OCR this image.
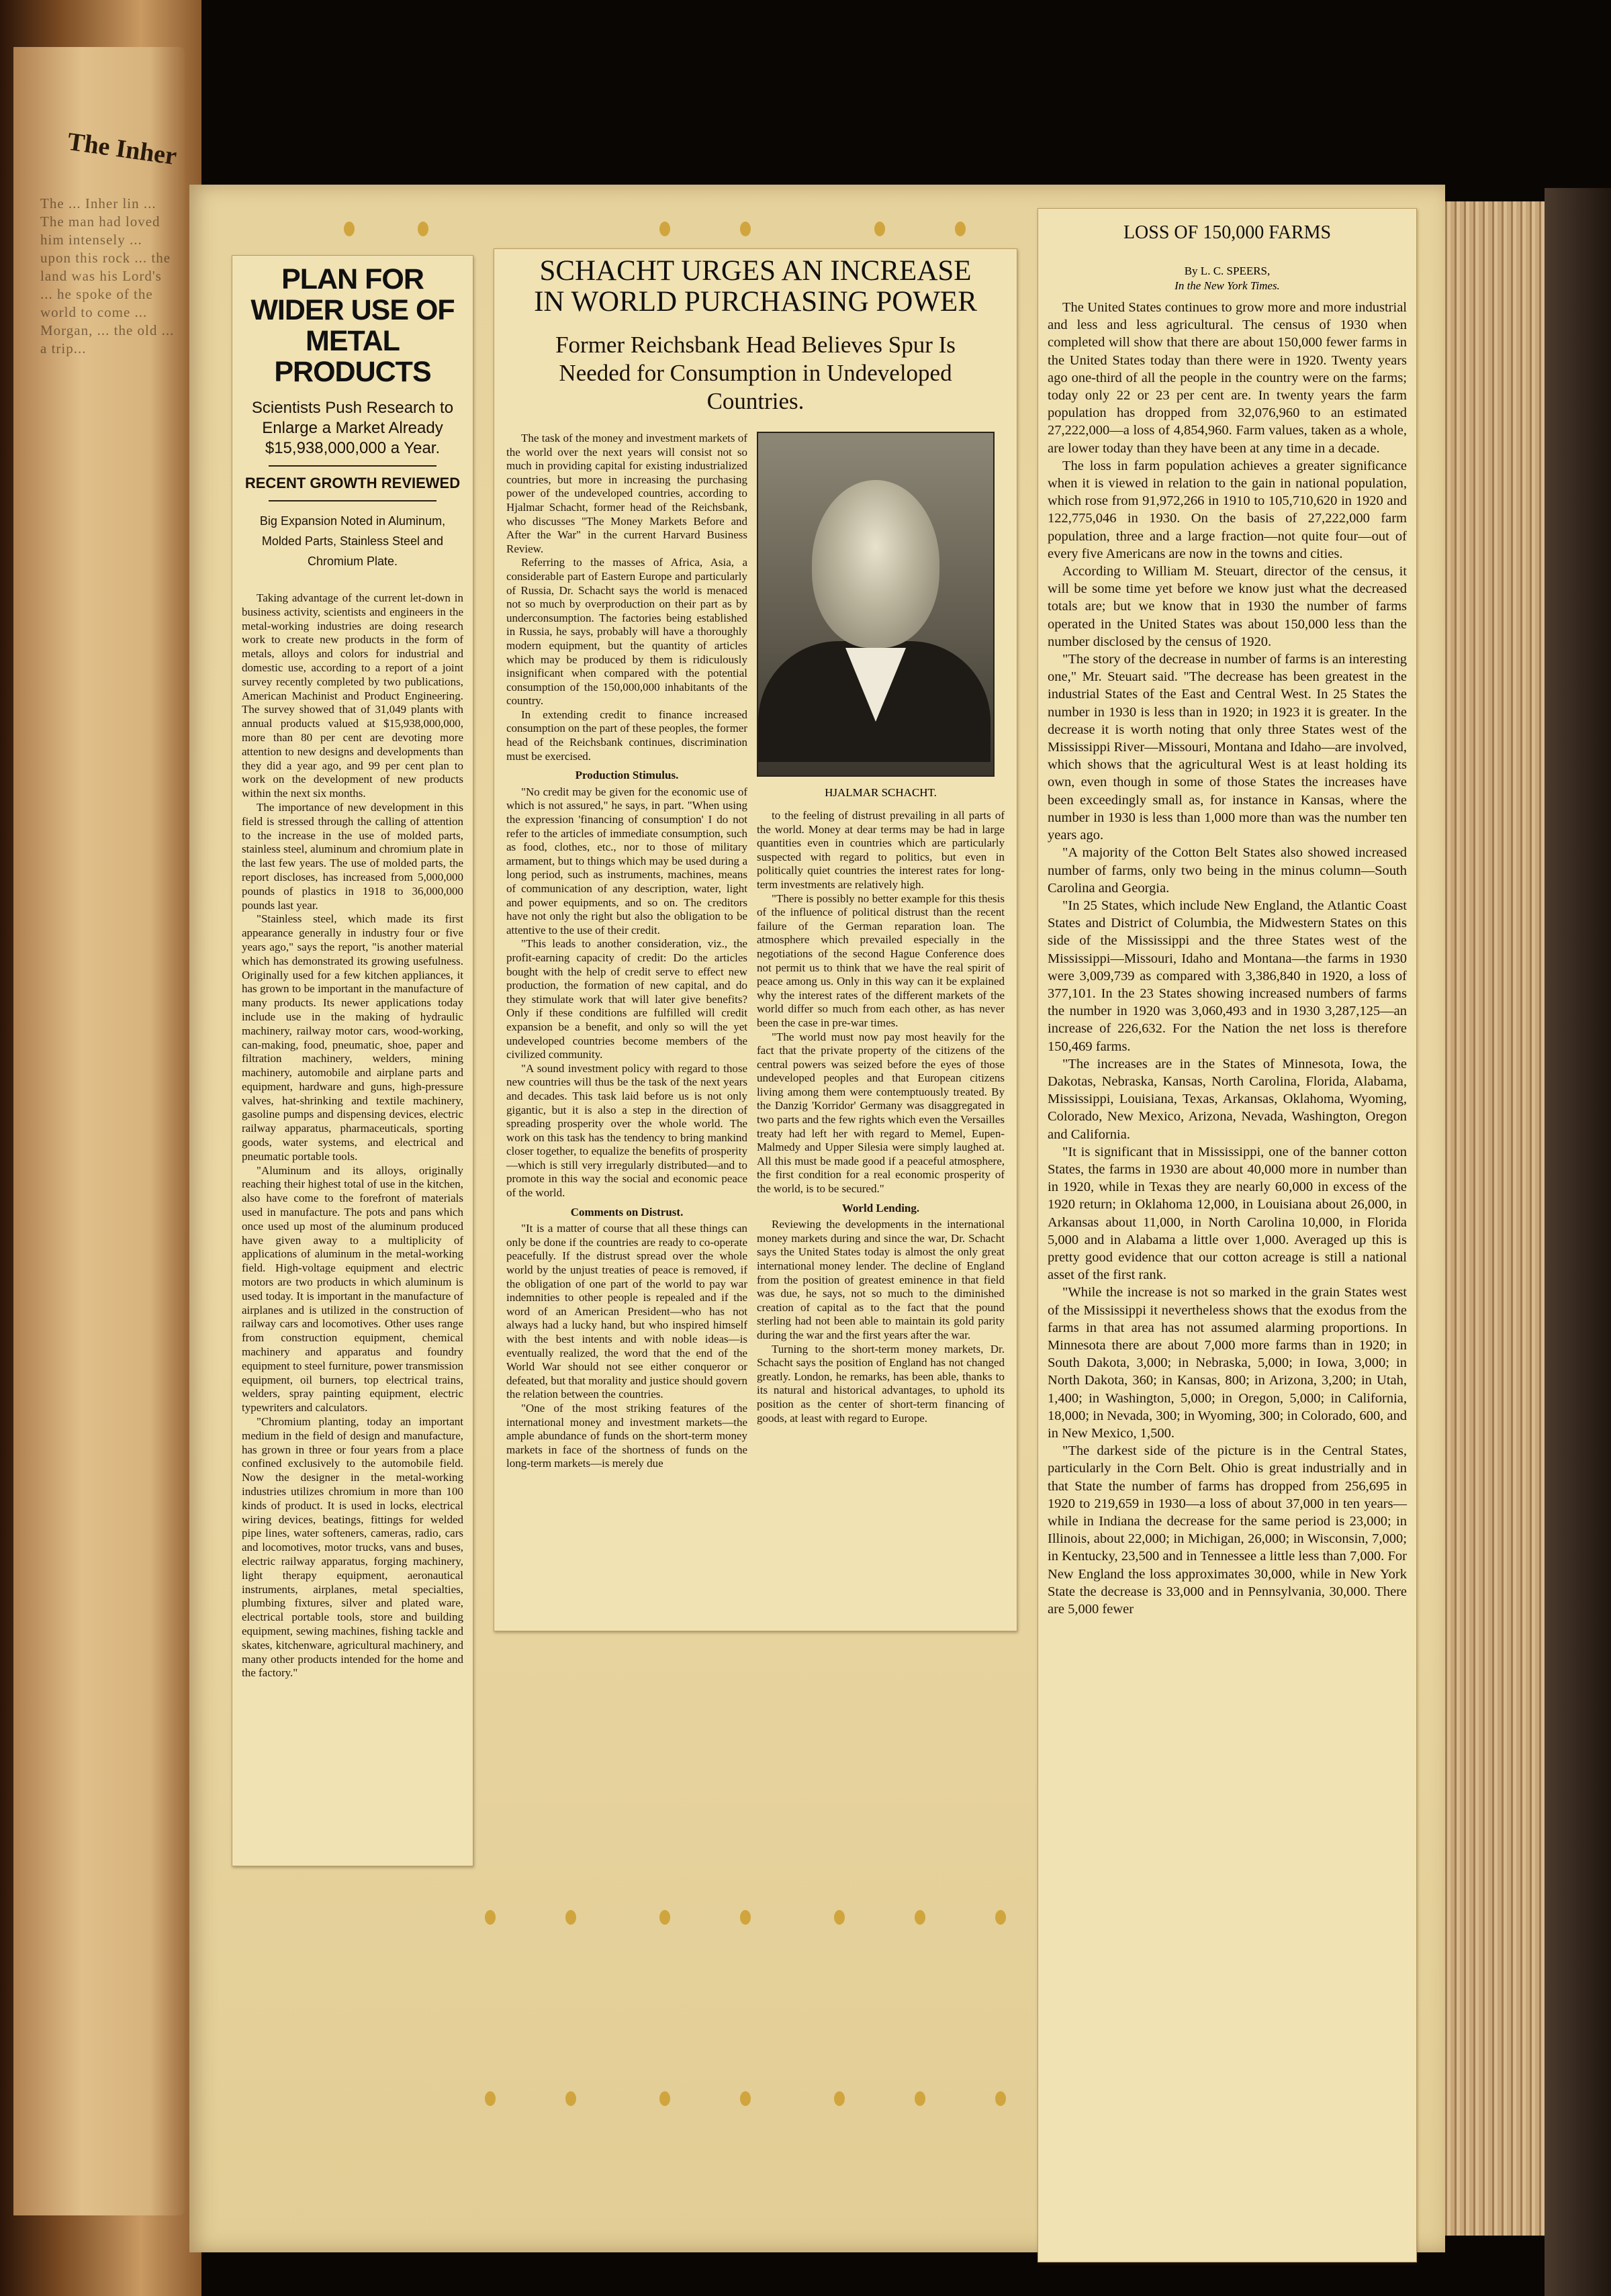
The Inher
The ... Inher lin ... The man had loved him intensely ... upon this rock ... the land was his Lord's ... he spoke of the world to come ... Morgan, ... the old ... a trip...
PLAN FOR WIDER USE OF METAL PRODUCTS
Scientists Push Research to Enlarge a Market Already $15,938,000,000 a Year.
RECENT GROWTH REVIEWED
Big Expansion Noted in Aluminum, Molded Parts, Stainless Steel and Chromium Plate.

Taking advantage of the current let-down in business activity, scientists and engineers in the metal-working industries are doing research work to create new products in the form of metals, alloys and colors for industrial and domestic use, according to a report of a joint survey recently completed by two publications, American Machinist and Product Engineering. The survey showed that of 31,049 plants with annual products valued at $15,938,000,000, more than 80 per cent are devoting more attention to new designs and developments than they did a year ago, and 99 per cent plan to work on the development of new products within the next six months.

The importance of new development in this field is stressed through the calling of attention to the increase in the use of molded parts, stainless steel, aluminum and chromium plate in the last few years. The use of molded parts, the report discloses, has increased from 5,000,000 pounds of plastics in 1918 to 36,000,000 pounds last year.

"Stainless steel, which made its first appearance generally in industry four or five years ago," says the report, "is another material which has demonstrated its growing usefulness. Originally used for a few kitchen appliances, it has grown to be important in the manufacture of many products. Its newer applications today include use in the making of hydraulic machinery, railway motor cars, wood-working, can-making, food, pneumatic, shoe, paper and filtration machinery, welders, mining machinery, automobile and airplane parts and equipment, hardware and guns, high-pressure valves, hat-shrinking and textile machinery, gasoline pumps and dispensing devices, electric railway apparatus, pharmaceuticals, sporting goods, water systems, and electrical and pneumatic portable tools.

"Aluminum and its alloys, originally reaching their highest total of use in the kitchen, also have come to the forefront of materials used in manufacture. The pots and pans which once used up most of the aluminum produced have given away to a multiplicity of applications of aluminum in the metal-working field. High-voltage equipment and electric motors are two products in which aluminum is used today. It is important in the manufacture of airplanes and is utilized in the construction of railway cars and locomotives. Other uses range from construction equipment, chemical machinery and apparatus and foundry equipment to steel furniture, power transmission equipment, oil burners, top electrical trains, welders, spray painting equipment, electric typewriters and calculators.

"Chromium planting, today an important medium in the field of design and manufacture, has grown in three or four years from a place confined exclusively to the automobile field. Now the designer in the metal-working industries utilizes chromium in more than 100 kinds of product. It is used in locks, electrical wiring devices, beatings, fittings for welded pipe lines, water softeners, cameras, radio, cars and locomotives, motor trucks, vans and buses, electric railway apparatus, forging machinery, light therapy equipment, aeronautical instruments, airplanes, metal specialties, plumbing fixtures, silver and plated ware, electrical portable tools, store and building equipment, sewing machines, fishing tackle and skates, kitchenware, agricultural machinery, and many other products intended for the home and the factory."

SCHACHT URGES AN INCREASE IN WORLD PURCHASING POWER
Former Reichsbank Head Believes Spur Is Needed for Consumption in Undeveloped Countries.

The task of the money and investment markets of the world over the next years will consist not so much in providing capital for existing industrialized countries, but more in increasing the purchasing power of the undeveloped countries, according to Hjalmar Schacht, former head of the Reichsbank, who discusses "The Money Markets Before and After the War" in the current Harvard Business Review.

Referring to the masses of Africa, Asia, a considerable part of Eastern Europe and particularly of Russia, Dr. Schacht says the world is menaced not so much by overproduction on their part as by underconsumption. The factories being established in Russia, he says, probably will have a thoroughly modern equipment, but the quantity of articles which may be produced by them is ridiculously insignificant when compared with the potential consumption of the 150,000,000 inhabitants of the country.

In extending credit to finance increased consumption on the part of these peoples, the former head of the Reichsbank continues, discrimination must be exercised.

Production Stimulus.

"No credit may be given for the economic use of which is not assured," he says, in part. "When using the expression 'financing of consumption' I do not refer to the articles of immediate consumption, such as food, clothes, etc., nor to those of military armament, but to things which may be used during a long period, such as instruments, machines, means of communication of any description, water, light and power equipments, and so on. The creditors have not only the right but also the obligation to be attentive to the use of their credit.

"This leads to another consideration, viz., the profit-earning capacity of credit: Do the articles bought with the help of credit serve to effect new production, the formation of new capital, and do they stimulate work that will later give benefits? Only if these conditions are fulfilled will credit expansion be a benefit, and only so will the yet undeveloped countries become members of the civilized community.

"A sound investment policy with regard to those new countries will thus be the task of the next years and decades. This task laid before us is not only gigantic, but it is also a step in the direction of spreading prosperity over the whole world. The work on this task has the tendency to bring mankind closer together, to equalize the benefits of prosperity—which is still very irregularly distributed—and to promote in this way the social and economic peace of the world.

Comments on Distrust.

"It is a matter of course that all these things can only be done if the countries are ready to co-operate peacefully. If the distrust spread over the whole world by the unjust treaties of peace is removed, if the obligation of one part of the world to pay war indemnities to other people is repealed and if the word of an American President—who has not always had a lucky hand, but who inspired himself with the best intents and with noble ideas—is eventually realized, the word that the end of the World War should not see either conqueror or defeated, but that morality and justice should govern the relation between the countries.

"One of the most striking features of the international money and investment markets—the ample abundance of funds on the short-term money markets in face of the shortness of funds on the long-term markets—is merely due

HJALMAR SCHACHT.

to the feeling of distrust prevailing in all parts of the world. Money at dear terms may be had in large quantities even in countries which are particularly suspected with regard to politics, but even in politically quiet countries the interest rates for long-term investments are relatively high.

"There is possibly no better example for this thesis of the influence of political distrust than the recent failure of the German reparation loan. The atmosphere which prevailed especially in the negotiations of the second Hague Conference does not permit us to think that we have the real spirit of peace among us. Only in this way can it be explained why the interest rates of the different markets of the world differ so much from each other, as has never been the case in pre-war times.

"The world must now pay most heavily for the fact that the private property of the citizens of the central powers was seized before the eyes of those undeveloped peoples and that European citizens living among them were contemptuously treated. By the Danzig 'Korridor' Germany was disaggregated in two parts and the few rights which even the Versailles treaty had left her with regard to Memel, Eupen-Malmedy and Upper Silesia were simply laughed at. All this must be made good if a peaceful atmosphere, the first condition for a real economic prosperity of the world, is to be secured."

World Lending.

Reviewing the developments in the international money markets during and since the war, Dr. Schacht says the United States today is almost the only great international money lender. The decline of England from the position of greatest eminence in that field was due, he says, not so much to the diminished creation of capital as to the fact that the pound sterling had not been able to maintain its gold parity during the war and the first years after the war.

Turning to the short-term money markets, Dr. Schacht says the position of England has not changed greatly. London, he remarks, has been able, thanks to its natural and historical advantages, to uphold its position as the center of short-term financing of goods, at least with regard to Europe.

LOSS OF 150,000 FARMS
By L. C. SPEERS,
In the New York Times.

The United States continues to grow more and more industrial and less and less agricultural. The census of 1930 when completed will show that there are about 150,000 fewer farms in the United States today than there were in 1920. Twenty years ago one-third of all the people in the country were on the farms; today only 22 or 23 per cent are. In twenty years the farm population has dropped from 32,076,960 to an estimated 27,222,000—a loss of 4,854,960. Farm values, taken as a whole, are lower today than they have been at any time in a decade.

The loss in farm population achieves a greater significance when it is viewed in relation to the gain in national population, which rose from 91,972,266 in 1910 to 105,710,620 in 1920 and 122,775,046 in 1930. On the basis of 27,222,000 farm population, three and a large fraction—not quite four—out of every five Americans are now in the towns and cities.

According to William M. Steuart, director of the census, it will be some time yet before we know just what the decreased totals are; but we know that in 1930 the number of farms operated in the United States was about 150,000 less than the number disclosed by the census of 1920.

"The story of the decrease in number of farms is an interesting one," Mr. Steuart said. "The decrease has been greatest in the industrial States of the East and Central West. In 25 States the number in 1930 is less than in 1920; in 1923 it is greater. In the decrease it is worth noting that only three States west of the Mississippi River—Missouri, Montana and Idaho—are involved, which shows that the agricultural West is at least holding its own, even though in some of those States the increases have been exceedingly small as, for instance in Kansas, where the number in 1930 is less than 1,000 more than was the number ten years ago.

"A majority of the Cotton Belt States also showed increased number of farms, only two being in the minus column—South Carolina and Georgia.

"In 25 States, which include New England, the Atlantic Coast States and District of Columbia, the Midwestern States on this side of the Mississippi and the three States west of the Mississippi—Missouri, Idaho and Montana—the farms in 1930 were 3,009,739 as compared with 3,386,840 in 1920, a loss of 377,101. In the 23 States showing increased numbers of farms the number in 1920 was 3,060,493 and in 1930 3,287,125—an increase of 226,632. For the Nation the net loss is therefore 150,469 farms.

"The increases are in the States of Minnesota, Iowa, the Dakotas, Nebraska, Kansas, North Carolina, Florida, Alabama, Mississippi, Louisiana, Texas, Arkansas, Oklahoma, Wyoming, Colorado, New Mexico, Arizona, Nevada, Washington, Oregon and California.

"It is significant that in Mississippi, one of the banner cotton States, the farms in 1930 are about 40,000 more in number than in 1920, while in Texas they are nearly 60,000 in excess of the 1920 return; in Oklahoma 12,000, in Louisiana about 26,000, in Arkansas about 11,000, in North Carolina 10,000, in Florida 5,000 and in Alabama a little over 1,000. Averaged up this is pretty good evidence that our cotton acreage is still a national asset of the first rank.

"While the increase is not so marked in the grain States west of the Mississippi it nevertheless shows that the exodus from the farms in that area has not assumed alarming proportions. In Minnesota there are about 7,000 more farms than in 1920; in South Dakota, 3,000; in Nebraska, 5,000; in Iowa, 3,000; in North Dakota, 360; in Kansas, 800; in Arizona, 3,200; in Utah, 1,400; in Washington, 5,000; in Oregon, 5,000; in California, 18,000; in Nevada, 300; in Wyoming, 300; in Colorado, 600, and in New Mexico, 1,500.

"The darkest side of the picture is in the Central States, particularly in the Corn Belt. Ohio is great industrially and in that State the number of farms has dropped from 256,695 in 1920 to 219,659 in 1930—a loss of about 37,000 in ten years—while in Indiana the decrease for the same period is 23,000; in Illinois, about 22,000; in Michigan, 26,000; in Wisconsin, 7,000; in Kentucky, 23,500 and in Tennessee a little less than 7,000. For New England the loss approximates 30,000, while in New York State the decrease is 33,000 and in Pennsylvania, 30,000. There are 5,000 fewer
